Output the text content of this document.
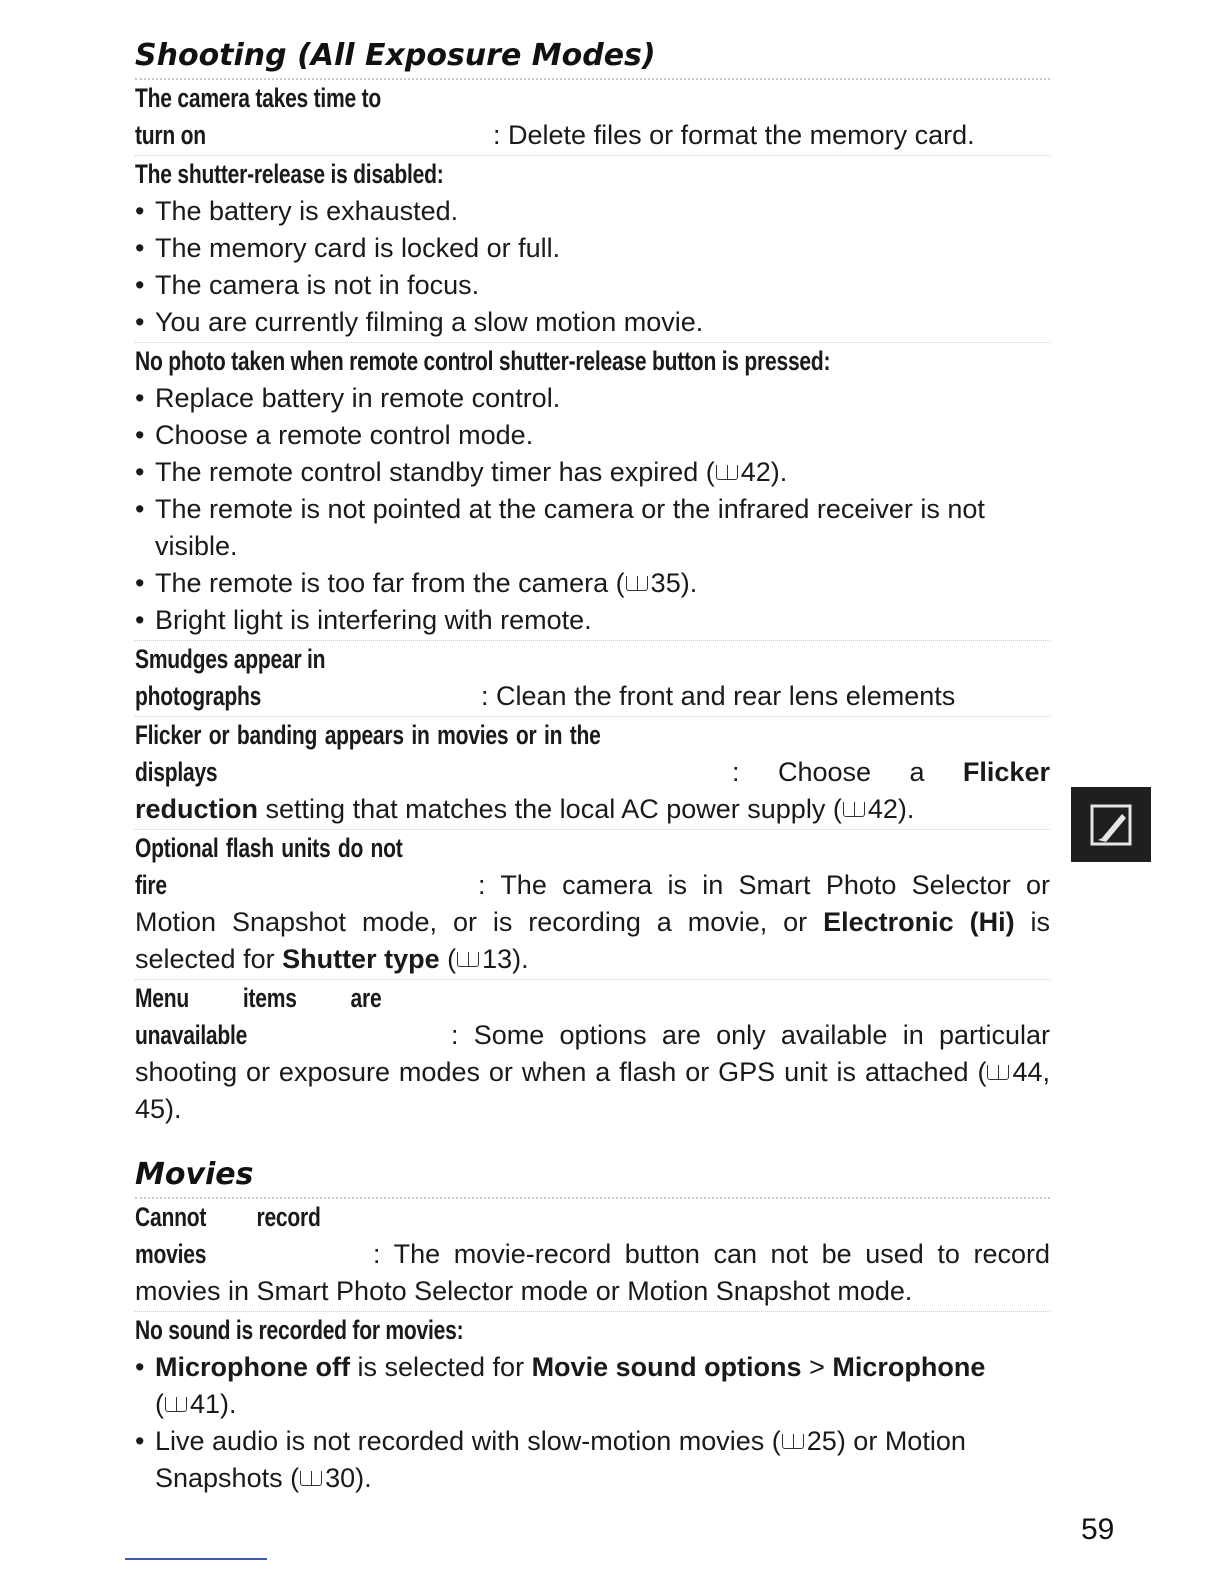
Shooting (All Exposure Modes)
The camera takes time to turn on	: Delete files or format the memory card.
The shutter-release is disabled:
• The battery is exhausted.
• The memory card is locked or full.
• The camera is not in focus.
• You are currently filming a slow motion movie.
No photo taken when remote control shutter-release button is pressed:
• Replace battery in remote control.
• Choose a remote control mode.
• The remote control standby timer has expired ( 42).
• The remote is not pointed at the camera or the infrared receiver is not visible.
• The remote is too far from the camera ( 35).
• Bright light is interfering with remote.
Smudges appear in photographs	: Clean the front and rear lens elements
Flicker or banding appears in movies or in the displays	: Choose a Flicker reduction setting that matches the local AC power supply ( 42).
Optional flash units do not fire	: The camera is in Smart Photo Selector or Motion Snapshot mode, or is recording a movie, or Electronic (Hi) is selected for Shutter type ( 13).
Menu items are unavailable	: Some options are only available in particular shooting or exposure modes or when a flash or GPS unit is attached ( 44, 45).
Movies
Cannot record movies	: The movie-record button can not be used to record movies in Smart Photo Selector mode or Motion Snapshot mode.
No sound is recorded for movies:
• Microphone off is selected for Movie sound options > Microphone
( 41).
• Live audio is not recorded with slow-motion movies ( 25) or Motion Snapshots ( 30).
59
